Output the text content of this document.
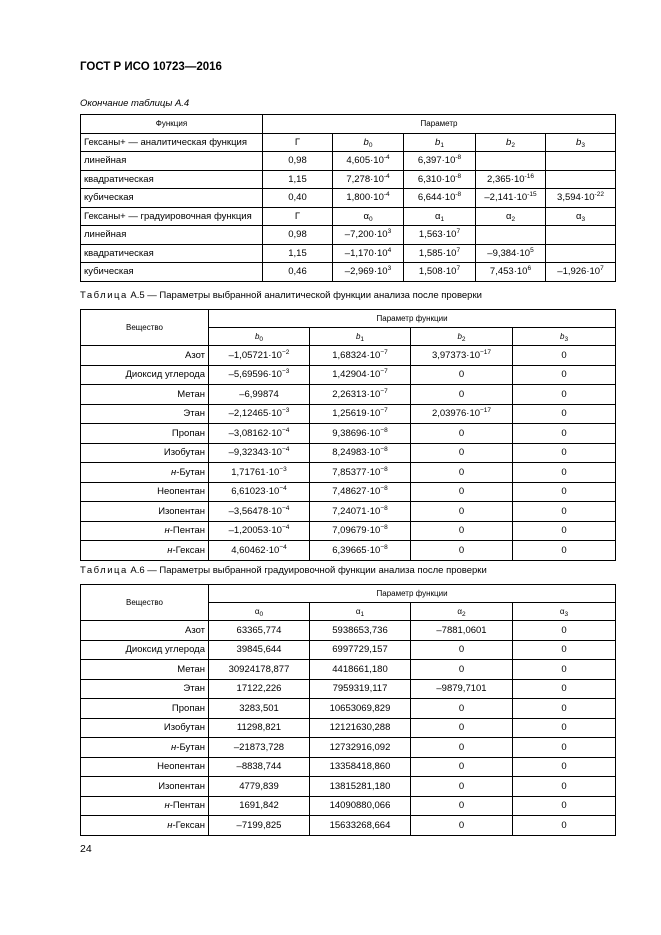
ГОСТ Р ИСО 10723—2016
Окончание таблицы А.4
Функция	Параметр				
Гексаны+ — аналитическая функция	Г	$b_0$	$b_1$	$b_2$	$b_3$
линейная	0,98	$4,605\cdot 10^{-4}$	$6,397\cdot 10^{-8}$		
квадратическая	1,15	$7,278\cdot 10^{-4}$	$6,310\cdot 10^{-8}$	$2,365\cdot 10^{-16}$	
кубическая	0,40	$1,800\cdot 10^{-4}$	$6,644\cdot 10^{-8}$	$-2,141\cdot 10^{-15}$	$3,594\cdot 10^{-22}$
Гексаны+ — градуировочная функция	Г	$\alpha_0$	$\alpha_1$	$\alpha_2$	$\alpha_3$
линейная	0,98	$-7,200\cdot 10^3$	$1,563\cdot 10^7$		
квадратическая	1,15	$-1,170\cdot 10^4$	$1,585\cdot 10^7$	$-9,384\cdot 10^5$	
кубическая	0,46	$-2,969\cdot 10^3$	$1,508\cdot 10^7$	$7,453\cdot 10^6$	$-1,926\cdot 10^7$
Таблица А.5 — Параметры выбранной аналитической функции анализа после проверки
Вещество	Параметр функции			
	$b_0$	$b_1$	$b_2$	$b_3$
Азот	$-1,05721\cdot 10^{-2}$	$1,68324\cdot 10^{-7}$	$3,97373\cdot 10^{-17}$	0
Диоксид углерода	$-5,69596\cdot 10^{-3}$	$1,42904\cdot 10^{-7}$	0	0
Метан	–6,99874	$2,26313\cdot 10^{-7}$	0	0
Этан	$-2,12465\cdot 10^{-3}$	$1,25619\cdot 10^{-7}$	$2,03976\cdot 10^{-17}$	0
Пропан	$-3,08162\cdot 10^{-4}$	$9,38696\cdot 10^{-8}$	0	0
Изобутан	$-9,32343\cdot 10^{-4}$	$8,24983\cdot 10^{-8}$	0	0
н-Бутан	$1,71761\cdot 10^{-3}$	$7,85377\cdot 10^{-8}$	0	0
Неопентан	$6,61023\cdot 10^{-4}$	$7,48627\cdot 10^{-8}$	0	0
Изопентан	$-3,56478\cdot 10^{-4}$	$7,24071\cdot 10^{-8}$	0	0
н-Пентан	$-1,20053\cdot 10^{-4}$	$7,09679\cdot 10^{-8}$	0	0
н-Гексан	$4,60462\cdot 10^{-4}$	$6,39665\cdot 10^{-8}$	0	0
Таблица А.6 — Параметры выбранной градуировочной функции анализа после проверки
Вещество	Параметр функции			
	$\alpha_0$	$\alpha_1$	$\alpha_2$	$\alpha_3$
Азот	63365,774	5938653,736	–7881,0601	0
Диоксид углерода	39845,644	6997729,157	0	0
Метан	30924178,877	4418661,180	0	0
Этан	17122,226	7959319,117	–9879,7101	0
Пропан	3283,501	10653069,829	0	0
Изобутан	11298,821	12121630,288	0	0
н-Бутан	–21873,728	12732916,092	0	0
Неопентан	–8838,744	13358418,860	0	0
Изопентан	4779,839	13815281,180	0	0
н-Пентан	1691,842	14090880,066	0	0
н-Гексан	–7199,825	15633268,664	0	0
24
